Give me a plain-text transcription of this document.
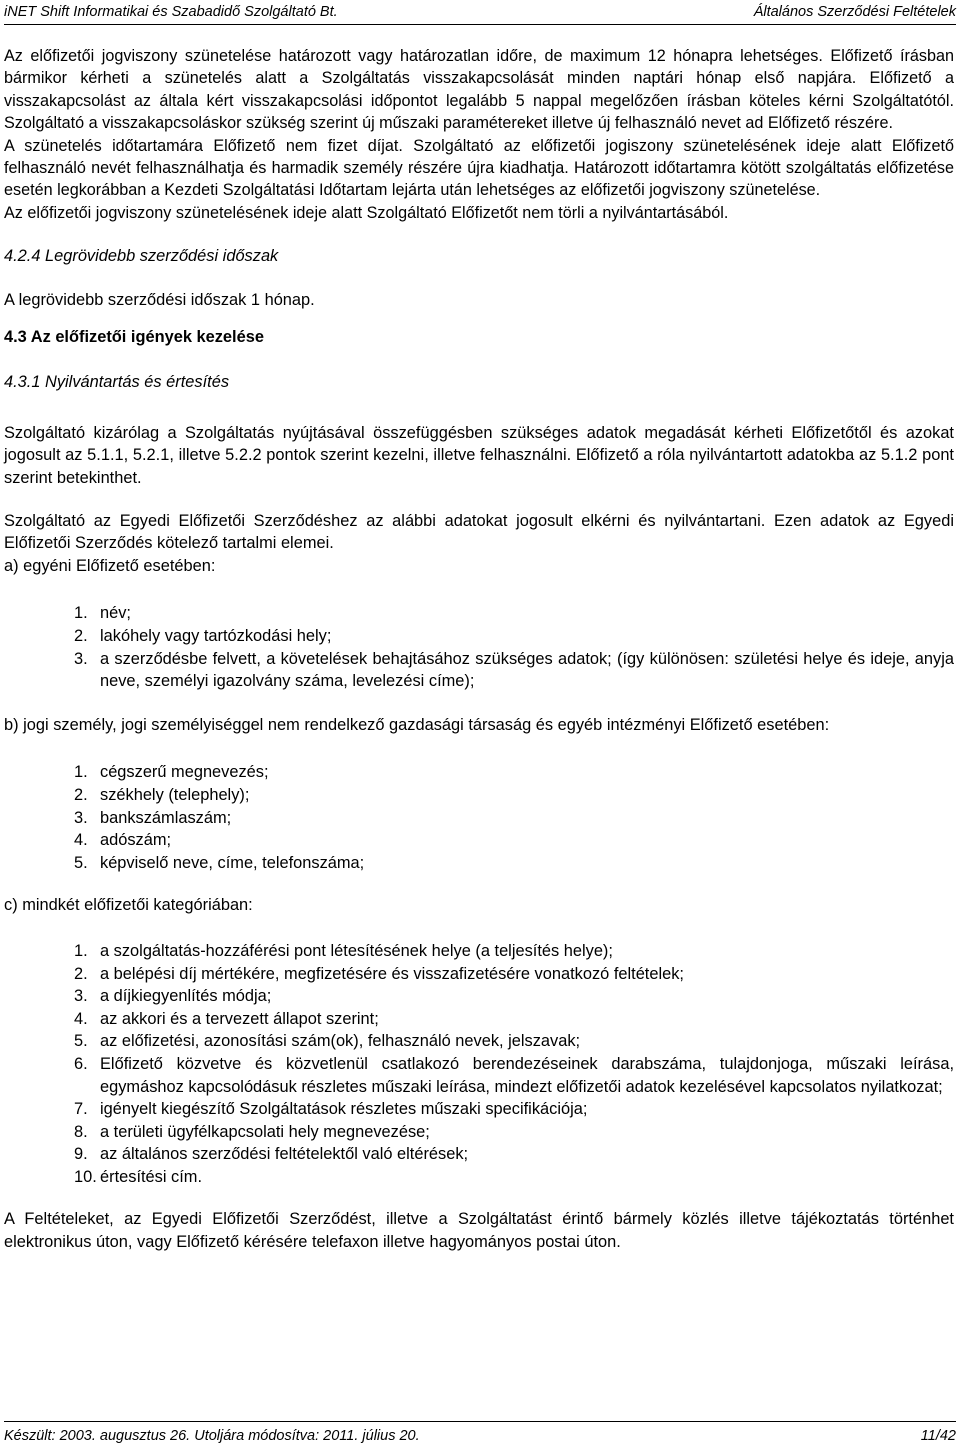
iNET Shift Informatikai és Szabadidő Szolgáltató Bt.	Általános Szerződési Feltételek

Az előfizetői jogviszony szünetelése határozott vagy határozatlan időre, de maximum 12 hónapra lehetséges. Előfizető írásban bármikor kérheti a szünetelés alatt a Szolgáltatás visszakapcsolását minden naptári hónap első napjára. Előfizető a visszakapcsolást az általa kért visszakapcsolási időpontot legalább 5 nappal megelőzően írásban köteles kérni Szolgáltatótól. Szolgáltató a visszakapcsoláskor szükség szerint új műszaki paramétereket illetve új felhasználó nevet ad Előfizető részére.

A szünetelés időtartamára Előfizető nem fizet díjat. Szolgáltató az előfizetői jogiszony szünetelésének ideje alatt Előfizető felhasználó nevét felhasználhatja és harmadik személy részére újra kiadhatja. Határozott időtartamra kötött szolgáltatás előfizetése esetén legkorábban a Kezdeti Szolgáltatási Időtartam lejárta után lehetséges az előfizetői jogviszony szünetelése.

Az előfizetői jogviszony szünetelésének ideje alatt Szolgáltató Előfizetőt nem törli a nyilvántartásából.

4.2.4 Legrövidebb szerződési időszak

A legrövidebb szerződési időszak 1 hónap.

4.3 Az előfizetői igények kezelése

4.3.1 Nyilvántartás és értesítés

Szolgáltató kizárólag a Szolgáltatás nyújtásával összefüggésben szükséges adatok megadását kérheti Előfizetőtől és azokat jogosult az 5.1.1, 5.2.1, illetve 5.2.2 pontok szerint kezelni, illetve felhasználni. Előfizető a róla nyilvántartott adatokba az 5.1.2 pont szerint betekinthet.

Szolgáltató az Egyedi Előfizetői Szerződéshez az alábbi adatokat jogosult elkérni és nyilvántartani. Ezen adatok az Egyedi Előfizetői Szerződés kötelező tartalmi elemei.

a) egyéni Előfizető esetében:

1. név;
2. lakóhely vagy tartózkodási hely;
3. a szerződésbe felvett, a követelések behajtásához szükséges adatok; (így különösen: születési helye és ideje, anyja neve, személyi igazolvány száma, levelezési címe);

b) jogi személy, jogi személyiséggel nem rendelkező gazdasági társaság és egyéb intézményi Előfizető esetében:

1. cégszerű megnevezés;
2. székhely (telephely);
3. bankszámlaszám;
4. adószám;
5. képviselő neve, címe, telefonszáma;

c) mindkét előfizetői kategóriában:

1. a szolgáltatás-hozzáférési pont létesítésének helye (a teljesítés helye);
2. a belépési díj mértékére, megfizetésére és visszafizetésére vonatkozó feltételek;
3. a díjkiegyenlítés módja;
4. az akkori és a tervezett állapot szerint;
5. az előfizetési, azonosítási szám(ok), felhasználó nevek, jelszavak;
6. Előfizető közvetve és közvetlenül csatlakozó berendezéseinek darabszáma, tulajdonjoga, műszaki leírása, egymáshoz kapcsolódásuk részletes műszaki leírása, mindezt előfizetői adatok kezelésével kapcsolatos nyilatkozat;
7. igényelt kiegészítő Szolgáltatások részletes műszaki specifikációja;
8. a területi ügyfélkapcsolati hely megnevezése;
9. az általános szerződési feltételektől való eltérések;
10. értesítési cím.

A Feltételeket, az Egyedi Előfizetői Szerződést, illetve a Szolgáltatást érintő bármely közlés illetve tájékoztatás történhet elektronikus úton, vagy Előfizető kérésére telefaxon illetve hagyományos postai úton.

Készült: 2003. augusztus 26. Utoljára módosítva: 2011. július 20.	11/42
